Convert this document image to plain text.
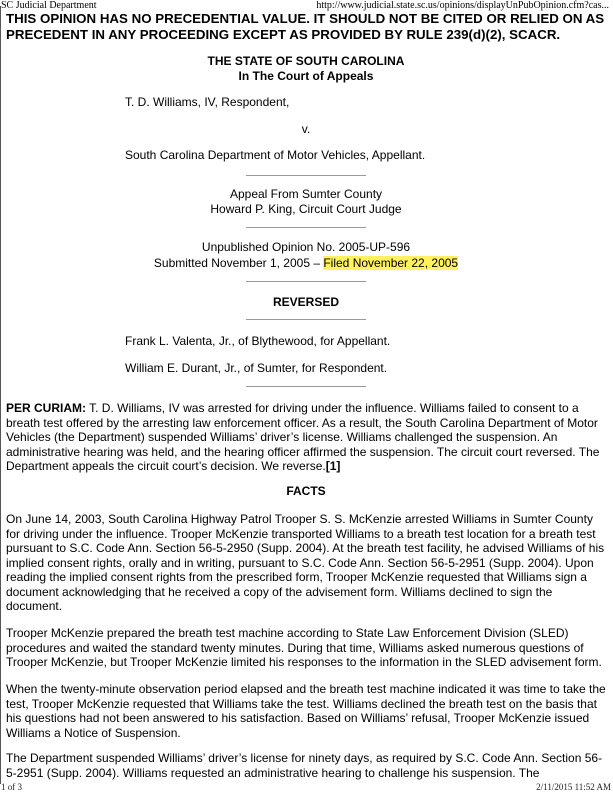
SC Judicial Department	http://www.judicial.state.sc.us/opinions/displayUnPubOpinion.cfm?cas...
THIS OPINION HAS NO PRECEDENTIAL VALUE. IT SHOULD NOT BE CITED OR RELIED ON AS PRECEDENT IN ANY PROCEEDING EXCEPT AS PROVIDED BY RULE 239(d)(2), SCACR.
THE STATE OF SOUTH CAROLINA
In The Court of Appeals
T. D. Williams, IV, Respondent,
v.
South Carolina Department of Motor Vehicles, Appellant.
Appeal From Sumter County
Howard P. King, Circuit Court Judge
Unpublished Opinion No. 2005-UP-596
Submitted November 1, 2005 – Filed November 22, 2005
REVERSED
Frank L. Valenta, Jr., of Blythewood, for Appellant.
William E. Durant, Jr., of Sumter, for Respondent.
PER CURIAM: T. D. Williams, IV was arrested for driving under the influence. Williams failed to consent to a breath test offered by the arresting law enforcement officer. As a result, the South Carolina Department of Motor Vehicles (the Department) suspended Williams’ driver’s license. Williams challenged the suspension. An administrative hearing was held, and the hearing officer affirmed the suspension. The circuit court reversed. The Department appeals the circuit court’s decision. We reverse.[1]
FACTS
On June 14, 2003, South Carolina Highway Patrol Trooper S. S. McKenzie arrested Williams in Sumter County for driving under the influence. Trooper McKenzie transported Williams to a breath test location for a breath test pursuant to S.C. Code Ann. Section 56-5-2950 (Supp. 2004). At the breath test facility, he advised Williams of his implied consent rights, orally and in writing, pursuant to S.C. Code Ann. Section 56-5-2951 (Supp. 2004). Upon reading the implied consent rights from the prescribed form, Trooper McKenzie requested that Williams sign a document acknowledging that he received a copy of the advisement form. Williams declined to sign the document.
Trooper McKenzie prepared the breath test machine according to State Law Enforcement Division (SLED) procedures and waited the standard twenty minutes. During that time, Williams asked numerous questions of Trooper McKenzie, but Trooper McKenzie limited his responses to the information in the SLED advisement form.
When the twenty-minute observation period elapsed and the breath test machine indicated it was time to take the test, Trooper McKenzie requested that Williams take the test. Williams declined the breath test on the basis that his questions had not been answered to his satisfaction. Based on Williams’ refusal, Trooper McKenzie issued Williams a Notice of Suspension.
The Department suspended Williams’ driver’s license for ninety days, as required by S.C. Code Ann. Section 56-5-2951 (Supp. 2004). Williams requested an administrative hearing to challenge his suspension. The
1 of 3	2/11/2015 11:52 AM
